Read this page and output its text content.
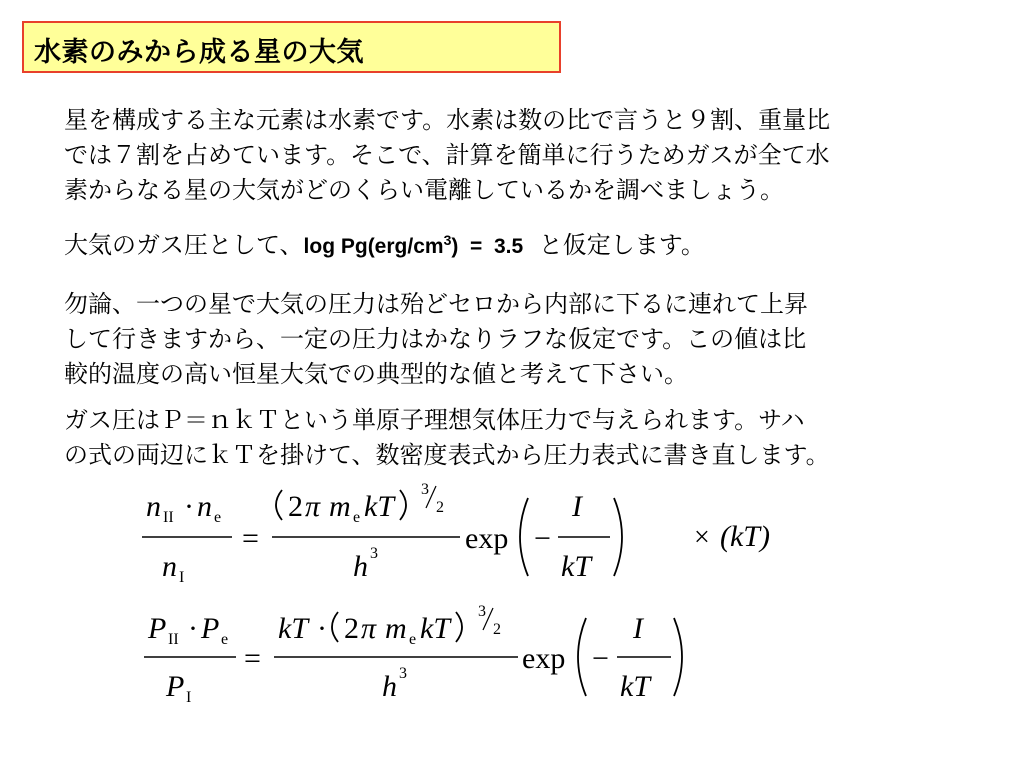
水素のみから成る星の大気

星を構成する主な元素は水素です。水素は数の比で言うと９割、重量比
では７割を占めています。そこで、計算を簡単に行うためガスが全て水
素からなる星の大気がどのくらい電離しているかを調べましょう。

大気のガス圧として、$\log Pg(erg/cm^3) = 3.5$ と仮定します。

勿論、一つの星で大気の圧力は殆どセロから内部に下るに連れて上昇
して行きますから、一定の圧力はかなりラフな仮定です。この値は比
較的温度の高い恒星大気での典型的な値と考えて下さい。

ガス圧はＰ＝ｎｋＴという単原子理想気体圧力で与えられます。サハ
の式の両辺にｋＴを掛けて、数密度表式から圧力表式に書き直します。

n II · n e
n I
=
2 π m e kT
3
2
h 3	exp −
I
kT
× (kT)
P II · P e
P I
=
kT · 2 π m e kT
3
2
h 3	exp −
I
kT
